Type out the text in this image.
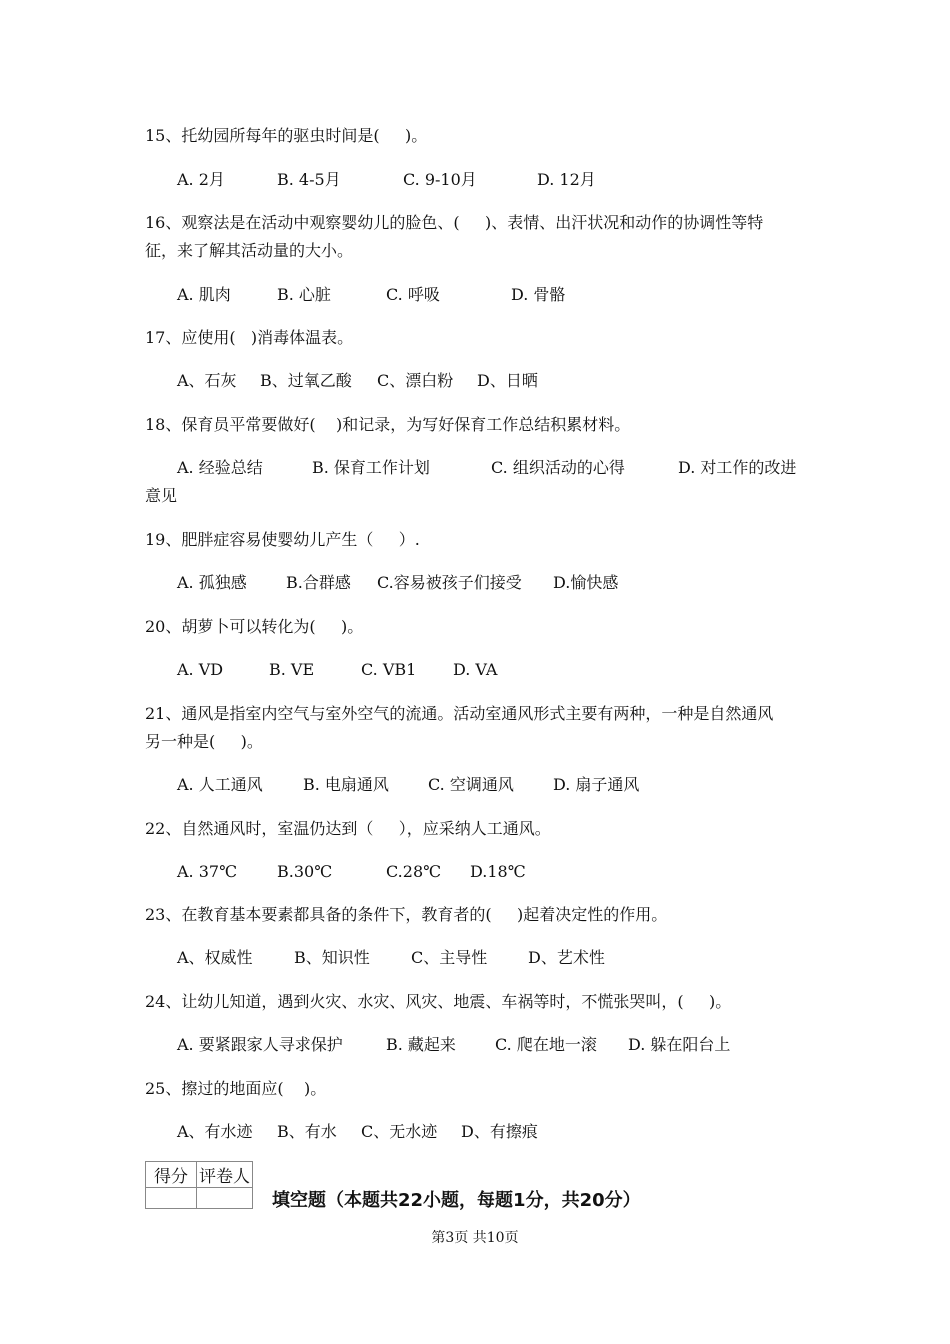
15、托幼园所每年的驱虫时间是(     )。
A. 2月	B. 4-5月	C. 9-10月	D. 12月
16、观察法是在活动中观察婴幼儿的脸色、(     )、表情、出汗状况和动作的协调性等特
征，来了解其活动量的大小。
A. 肌肉	B. 心脏	C. 呼吸	D. 骨骼
17、应使用(   )消毒体温表。
A、石灰 B、过氧乙酸 C、漂白粉 D、日晒
18、保育员平常要做好(    )和记录，为写好保育工作总结积累材料。
A. 经验总结	B. 保育工作计划	C. 组织活动的心得	D. 对工作的改进
意见
19、肥胖症容易使婴幼儿产生（     ）.
A. 孤独感 B.合群感 C.容易被孩子们接受 D.愉快感
20、胡萝卜可以转化为(     )。
A. VD	B. VE	C. VB1 D. VA
21、通风是指室内空气与室外空气的流通。活动室通风形式主要有两种，一种是自然通风
另一种是(     )。
A. 人工通风	B. 电扇通风 C. 空调通风 D. 扇子通风
22、自然通风时，室温仍达到（     ），应采纳人工通风。
A. 37℃	B.30℃	C.28℃ D.18℃
23、在教育基本要素都具备的条件下，教育者的(     )起着决定性的作用。
A、权威性	B、知识性	C、主导性	D、艺术性
24、让幼儿知道，遇到火灾、水灾、风灾、地震、车祸等时，不慌张哭叫，(     )。
A. 要紧跟家人寻求保护	B. 藏起来 C. 爬在地一滚 D. 躲在阳台上
25、擦过的地面应(    )。
A、有水迹 B、有水 C、无水迹 D、有擦痕
得分	评卷人

填空题（本题共22小题，每题1分，共20分）
第3页 共10页
